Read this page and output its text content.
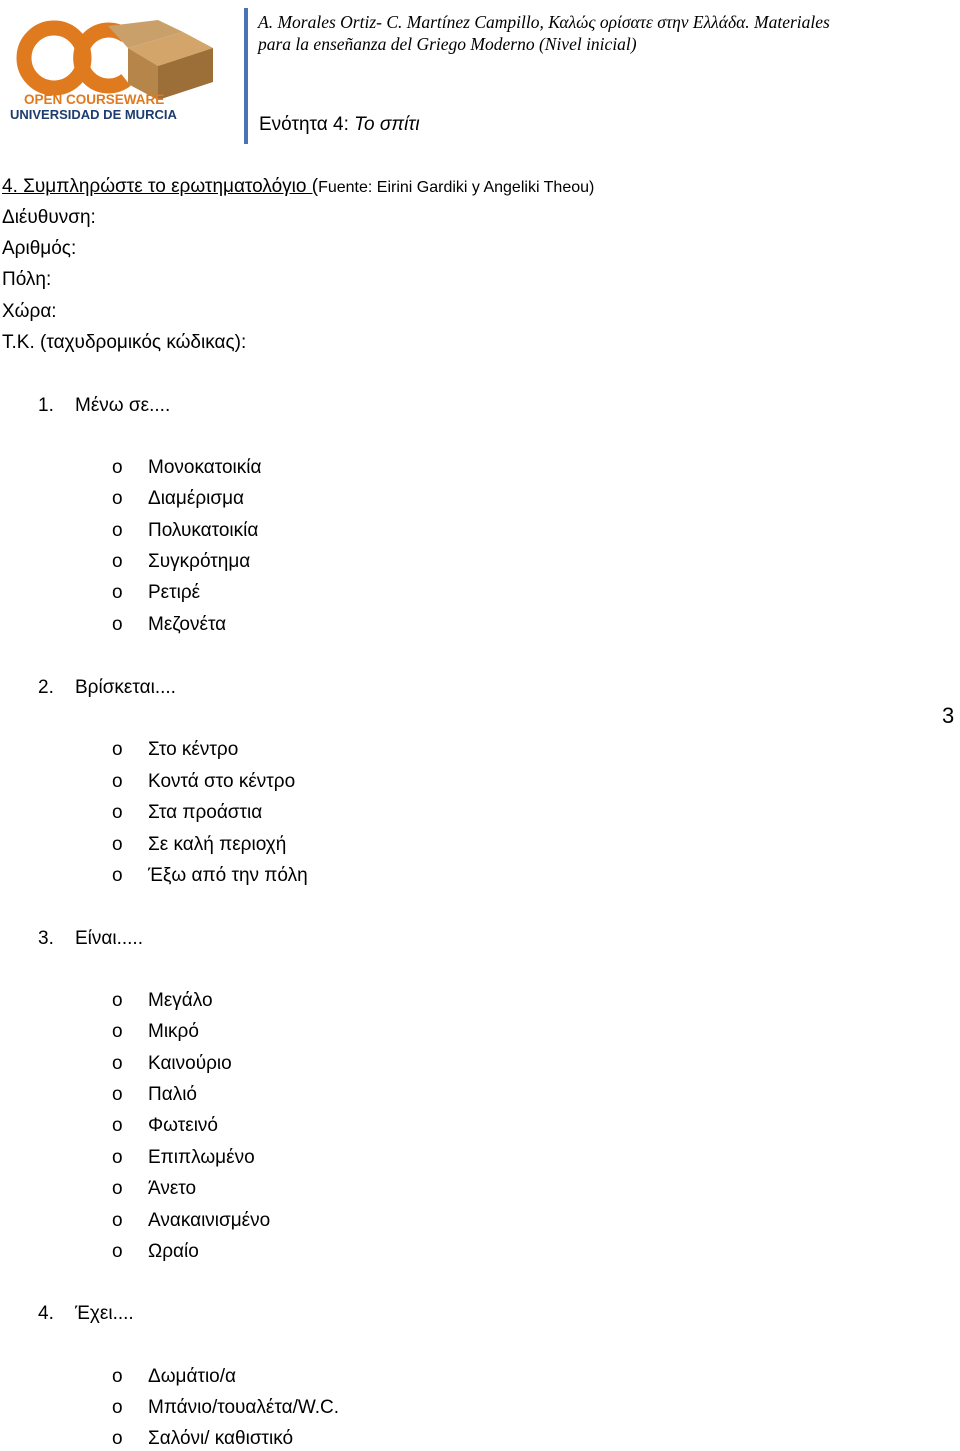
OPEN COURSEWARE
UNIVERSIDAD DE MURCIA
A. Morales Ortiz- C. Martínez Campillo, Καλώς ορίσατε στην Ελλάδα. Materiales
para la enseñanza del Griego Moderno (Nivel inicial)
Ενότητα 4: Το σπίτι
3
4. Συμπληρώστε το ερωτηματολόγιο (Fuente: Eirini Gardiki y Angeliki Theou)
Διέυθυνση:
Αριθμός:
Πόλη:
Χώρα:
Τ.Κ. (ταχυδρομικός κώδικας):
1. Μένω σε....
o Μονοκατοικία
o Διαμέρισμα
o Πολυκατοικία
o Συγκρότημα
o Ρετιρέ
o Μεζονέτα
2. Βρίσκεται....
o Στο κέντρο
o Κοντά στο κέντρο
o Στα προάστια
o Σε καλή περιοχή
o Έξω από την πόλη
3. Είναι.....
o Μεγάλο
o Μικρό
o Καινούριο
o Παλιό
o Φωτεινό
o Επιπλωμένο
o Άνετο
o Ανακαινισμένο
o Ωραίο
4. Έχει....
o Δωμάτιο/α
o Μπάνιο/τουαλέτα/W.C.
o Σαλόνι/ καθιστικό
